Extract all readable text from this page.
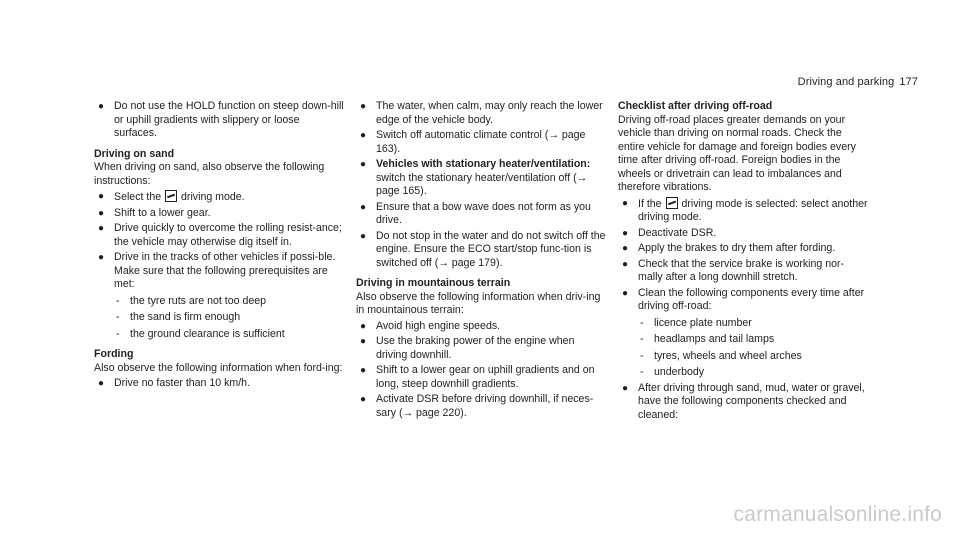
Driving and parking 177
● Do not use the HOLD function on steep down-hill or uphill gradients with slippery or loose surfaces.
Driving on sand
When driving on sand, also observe the following instructions:
● Select the driving mode.
● Shift to a lower gear.
● Drive quickly to overcome the rolling resist-ance; the vehicle may otherwise dig itself in.
● Drive in the tracks of other vehicles if possi-ble. Make sure that the following prerequisites are met:
- the tyre ruts are not too deep
- the sand is firm enough
- the ground clearance is sufficient
Fording
Also observe the following information when ford-ing:
● Drive no faster than 10 km/h.
● The water, when calm, may only reach the lower edge of the vehicle body.
● Switch off automatic climate control (→ page 163).
● Vehicles with stationary heater/ventilation:
switch the stationary heater/ventilation off (→ page 165).
● Ensure that a bow wave does not form as you drive.
● Do not stop in the water and do not switch off the engine. Ensure the ECO start/stop func-tion is switched off (→ page 179).
Driving in mountainous terrain
Also observe the following information when driv-ing in mountainous terrain:
● Avoid high engine speeds.
● Use the braking power of the engine when driving downhill.
● Shift to a lower gear on uphill gradients and on long, steep downhill gradients.
● Activate DSR before driving downhill, if neces-sary (→ page 220).
Checklist after driving off-road
Driving off-road places greater demands on your vehicle than driving on normal roads. Check the entire vehicle for damage and foreign bodies every time after driving off-road. Foreign bodies in the wheels or drivetrain can lead to imbalances and therefore vibrations.
● If the driving mode is selected: select another driving mode.
● Deactivate DSR.
● Apply the brakes to dry them after fording.
● Check that the service brake is working nor-mally after a long downhill stretch.
● Clean the following components every time after driving off-road:
- licence plate number
- headlamps and tail lamps
- tyres, wheels and wheel arches
- underbody
● After driving through sand, mud, water or gravel, have the following components checked and cleaned:
carmanualsonline.info
